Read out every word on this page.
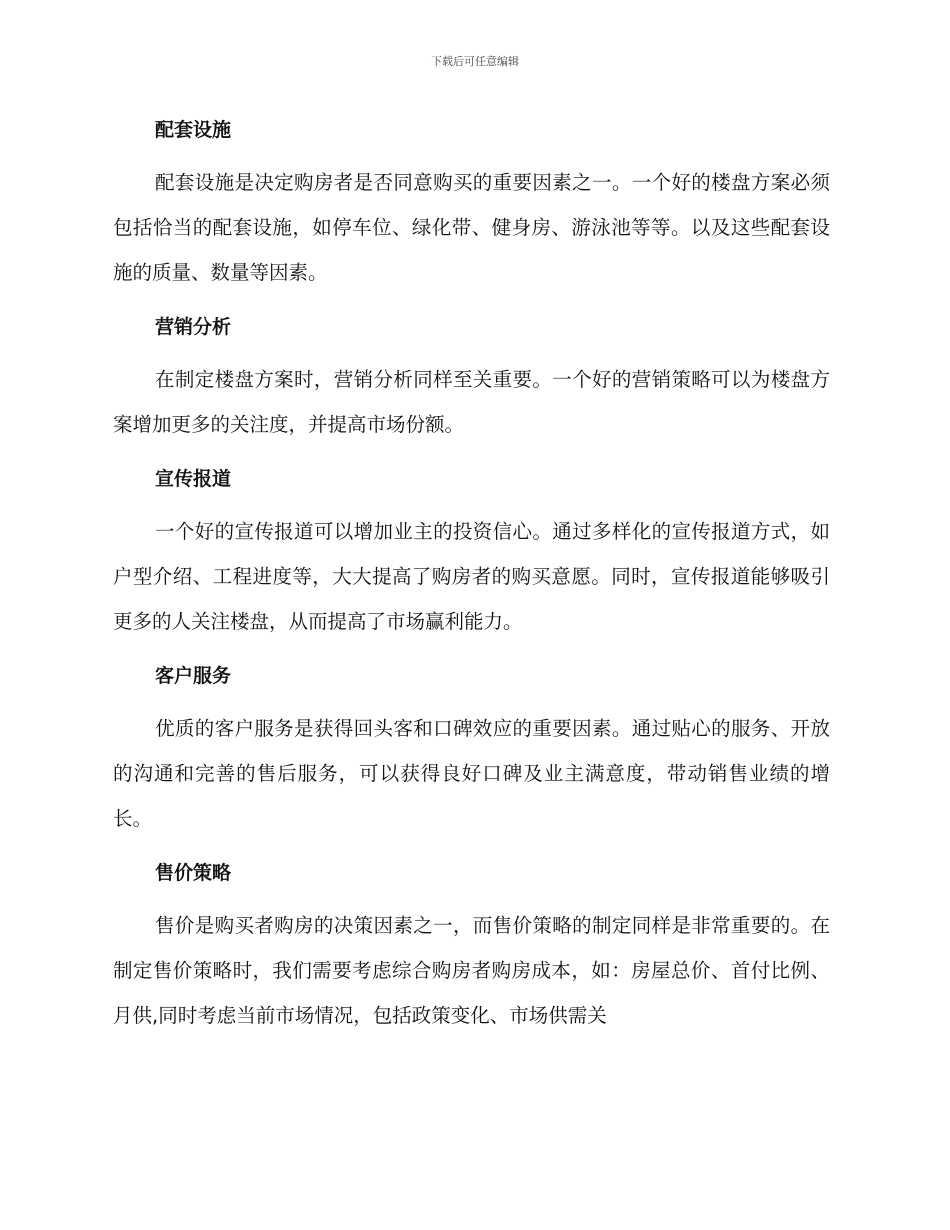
下载后可任意编辑
配套设施

配套设施是决定购房者是否同意购买的重要因素之一。一个好的楼盘方案必须包括恰当的配套设施，如停车位、绿化带、健身房、游泳池等等。以及这些配套设施的质量、数量等因素。

营销分析

在制定楼盘方案时，营销分析同样至关重要。一个好的营销策略可以为楼盘方案增加更多的关注度，并提高市场份额。

宣传报道

一个好的宣传报道可以增加业主的投资信心。通过多样化的宣传报道方式，如户型介绍、工程进度等，大大提高了购房者的购买意愿。同时，宣传报道能够吸引更多的人关注楼盘，从而提高了市场赢利能力。

客户服务

优质的客户服务是获得回头客和口碑效应的重要因素。通过贴心的服务、开放的沟通和完善的售后服务，可以获得良好口碑及业主满意度，带动销售业绩的增长。

售价策略

售价是购买者购房的决策因素之一，而售价策略的制定同样是非常重要的。在制定售价策略时，我们需要考虑综合购房者购房成本，如：房屋总价、首付比例、月供,同时考虑当前市场情况，包括政策变化、市场供需关
